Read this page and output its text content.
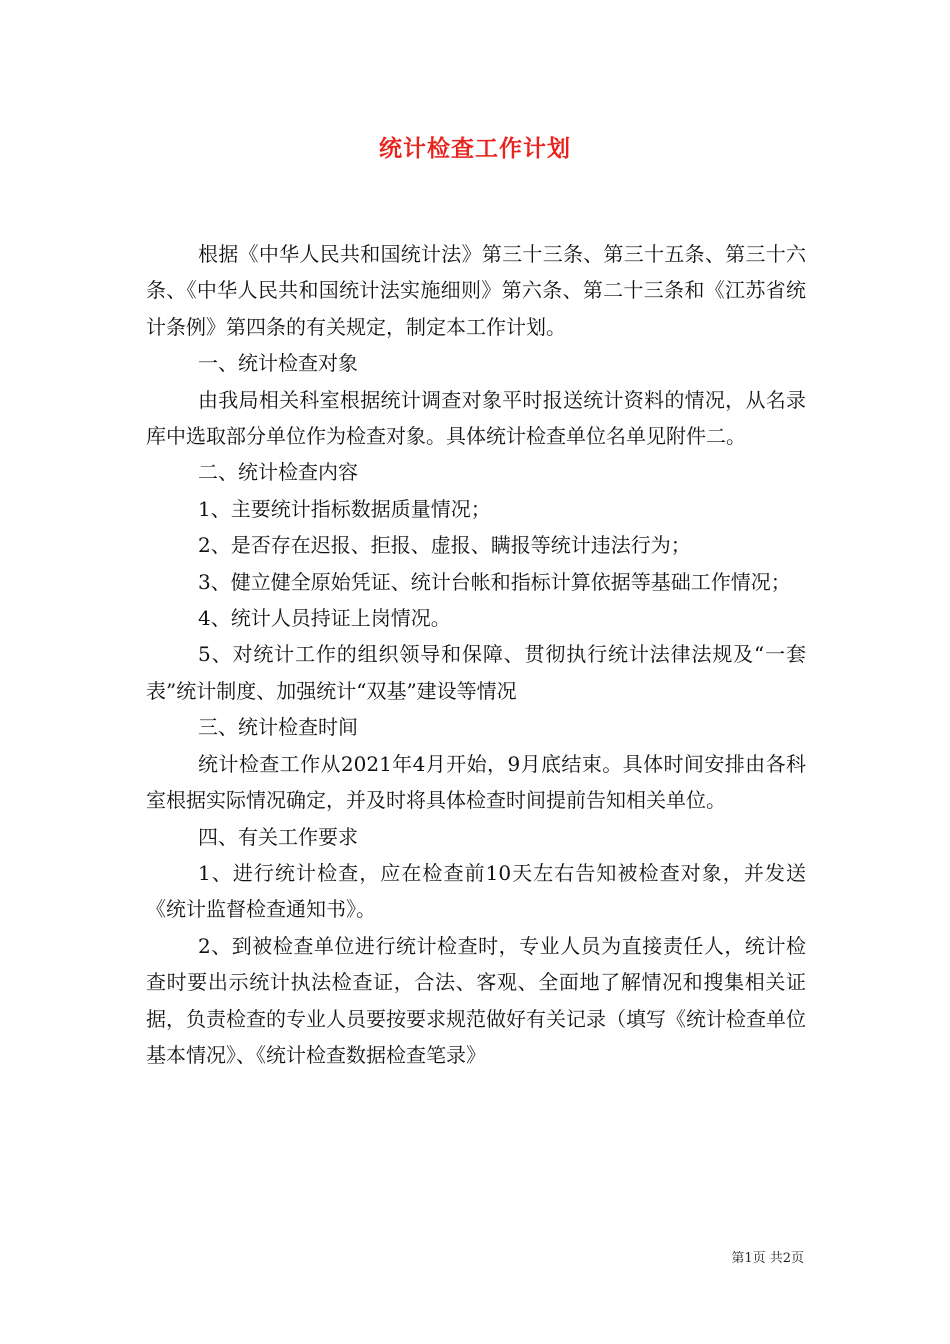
统计检查工作计划

根据《中华人民共和国统计法》第三十三条、第三十五条、第三十六条、《中华人民共和国统计法实施细则》第六条、第二十三条和《江苏省统计条例》第四条的有关规定，制定本工作计划。

一、统计检查对象

由我局相关科室根据统计调查对象平时报送统计资料的情况，从名录库中选取部分单位作为检查对象。具体统计检查单位名单见附件二。

二、统计检查内容

1、主要统计指标数据质量情况；

2、是否存在迟报、拒报、虚报、瞒报等统计违法行为；

3、健立健全原始凭证、统计台帐和指标计算依据等基础工作情况；

4、统计人员持证上岗情况。

5、对统计工作的组织领导和保障、贯彻执行统计法律法规及“一套表”统计制度、加强统计“双基”建设等情况

三、统计检查时间

统计检查工作从2021年4月开始，9月底结束。具体时间安排由各科室根据实际情况确定，并及时将具体检查时间提前告知相关单位。

四、有关工作要求

1、进行统计检查，应在检查前10天左右告知被检查对象，并发送《统计监督检查通知书》。

2、到被检查单位进行统计检查时，专业人员为直接责任人，统计检查时要出示统计执法检查证，合法、客观、全面地了解情况和搜集相关证据，负责检查的专业人员要按要求规范做好有关记录（填写《统计检查单位基本情况》、《统计检查数据检查笔录》

第1页 共2页
